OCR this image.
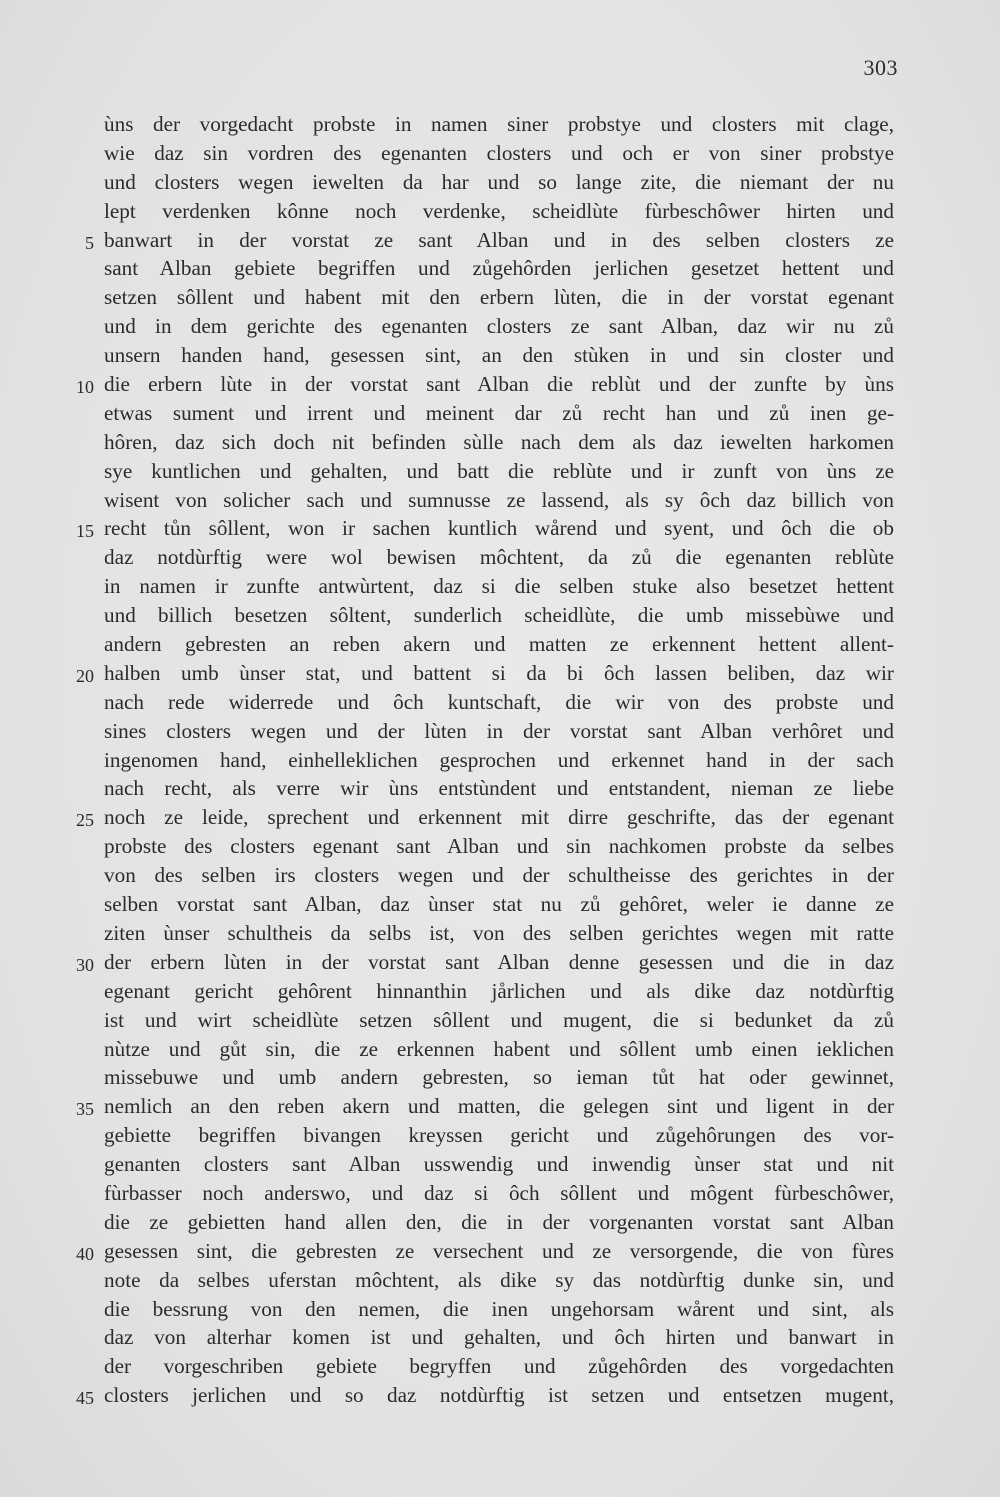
303
ùns der vorgedacht probste in namen siner probstye und closters mit clage,
wie daz sin vordren des egenanten closters und och er von siner probstye
und closters wegen iewelten da har und so lange zite, die niemant der nu
lept verdenken kônne noch verdenke, scheidlùte fùrbeschôwer hirten und
5 banwart in der vorstat ze sant Alban und in des selben closters ze
sant Alban gebiete begriffen und zůgehôrden jerlichen gesetzet hettent und
setzen sôllent und habent mit den erbern lùten, die in der vorstat egenant
und in dem gerichte des egenanten closters ze sant Alban, daz wir nu zů
unsern handen hand, gesessen sint, an den stùken in und sin closter und
10 die erbern lùte in der vorstat sant Alban die reblùt und der zunfte by ùns
etwas sument und irrent und meinent dar zů recht han und zů inen ge-
hôren, daz sich doch nit befinden sùlle nach dem als daz iewelten harkomen
sye kuntlichen und gehalten, und batt die reblùte und ir zunft von ùns ze
wisent von solicher sach und sumnusse ze lassend, als sy ôch daz billich von
15 recht tůn sôllent, won ir sachen kuntlich wårend und syent, und ôch die ob
daz notdùrftig were wol bewisen môchtent, da zů die egenanten reblùte
in namen ir zunfte antwùrtent, daz si die selben stuke also besetzet hettent
und billich besetzen sôltent, sunderlich scheidlùte, die umb missebùwe und
andern gebresten an reben akern und matten ze erkennent hettent allent-
20 halben umb ùnser stat, und battent si da bi ôch lassen beliben, daz wir
nach rede widerrede und ôch kuntschaft, die wir von des probste und
sines closters wegen und der lùten in der vorstat sant Alban verhôret und
ingenomen hand, einhelleklichen gesprochen und erkennet hand in der sach
nach recht, als verre wir ùns entstùndent und entstandent, nieman ze liebe
25 noch ze leide, sprechent und erkennent mit dirre geschrifte, das der egenant
probste des closters egenant sant Alban und sin nachkomen probste da selbes
von des selben irs closters wegen und der schultheisse des gerichtes in der
selben vorstat sant Alban, daz ùnser stat nu zů gehôret, weler ie danne ze
ziten ùnser schultheis da selbs ist, von des selben gerichtes wegen mit ratte
30 der erbern lùten in der vorstat sant Alban denne gesessen und die in daz
egenant gericht gehôrent hinnanthin jårlichen und als dike daz notdùrftig
ist und wirt scheidlùte setzen sôllent und mugent, die si bedunket da zů
nùtze und gůt sin, die ze erkennen habent und sôllent umb einen ieklichen
missebuwe und umb andern gebresten, so ieman tůt hat oder gewinnet,
35 nemlich an den reben akern und matten, die gelegen sint und ligent in der
gebiette begriffen bivangen kreyssen gericht und zůgehôrungen des vor-
genanten closters sant Alban usswendig und inwendig ùnser stat und nit
fùrbasser noch anderswo, und daz si ôch sôllent und môgent fùrbeschôwer,
die ze gebietten hand allen den, die in der vorgenanten vorstat sant Alban
40 gesessen sint, die gebresten ze versechent und ze versorgende, die von fùres
note da selbes uferstan môchtent, als dike sy das notdùrftig dunke sin, und
die bessrung von den nemen, die inen ungehorsam wårent und sint, als
daz von alterhar komen ist und gehalten, und ôch hirten und banwart in
der vorgeschriben gebiete begryffen und zůgehôrden des vorgedachten
45 closters jerlichen und so daz notdùrftig ist setzen und entsetzen mugent,
